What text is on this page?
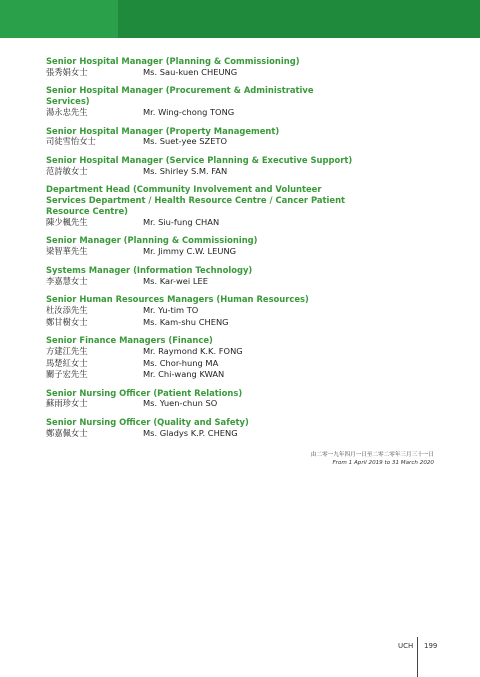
Senior Hospital Manager (Planning & Commissioning)
張秀娟女士	Ms. Sau-kuen CHEUNG
Senior Hospital Manager (Procurement & Administrative Services)
湯永忠先生	Mr. Wing-chong TONG
Senior Hospital Manager (Property Management)
司徒雪怡女士	Ms. Suet-yee SZETO
Senior Hospital Manager (Service Planning & Executive Support)
范詩敏女士	Ms. Shirley S.M. FAN
Department Head (Community Involvement and Volunteer Services Department / Health Resource Centre / Cancer Patient Resource Centre)
陳少楓先生	Mr. Siu-fung CHAN
Senior Manager (Planning & Commissioning)
梁智華先生	Mr. Jimmy C.W. LEUNG
Systems Manager (Information Technology)
李嘉慧女士	Ms. Kar-wei LEE
Senior Human Resources Managers (Human Resources)
杜汝添先生	Mr. Yu-tim TO
鄭甘樹女士	Ms. Kam-shu CHENG
Senior Finance Managers (Finance)
方建江先生	Mr. Raymond K.K. FONG
馬楚紅女士	Ms. Chor-hung MA
關子宏先生	Mr. Chi-wang KWAN
Senior Nursing Officer (Patient Relations)
蘇雨珍女士	Ms. Yuen-chun SO
Senior Nursing Officer (Quality and Safety)
鄭嘉佩女士	Ms. Gladys K.P. CHENG
由二零一九年四月一日至二零二零年三月三十一日
From 1 April 2019 to 31 March 2020
UCH 199
